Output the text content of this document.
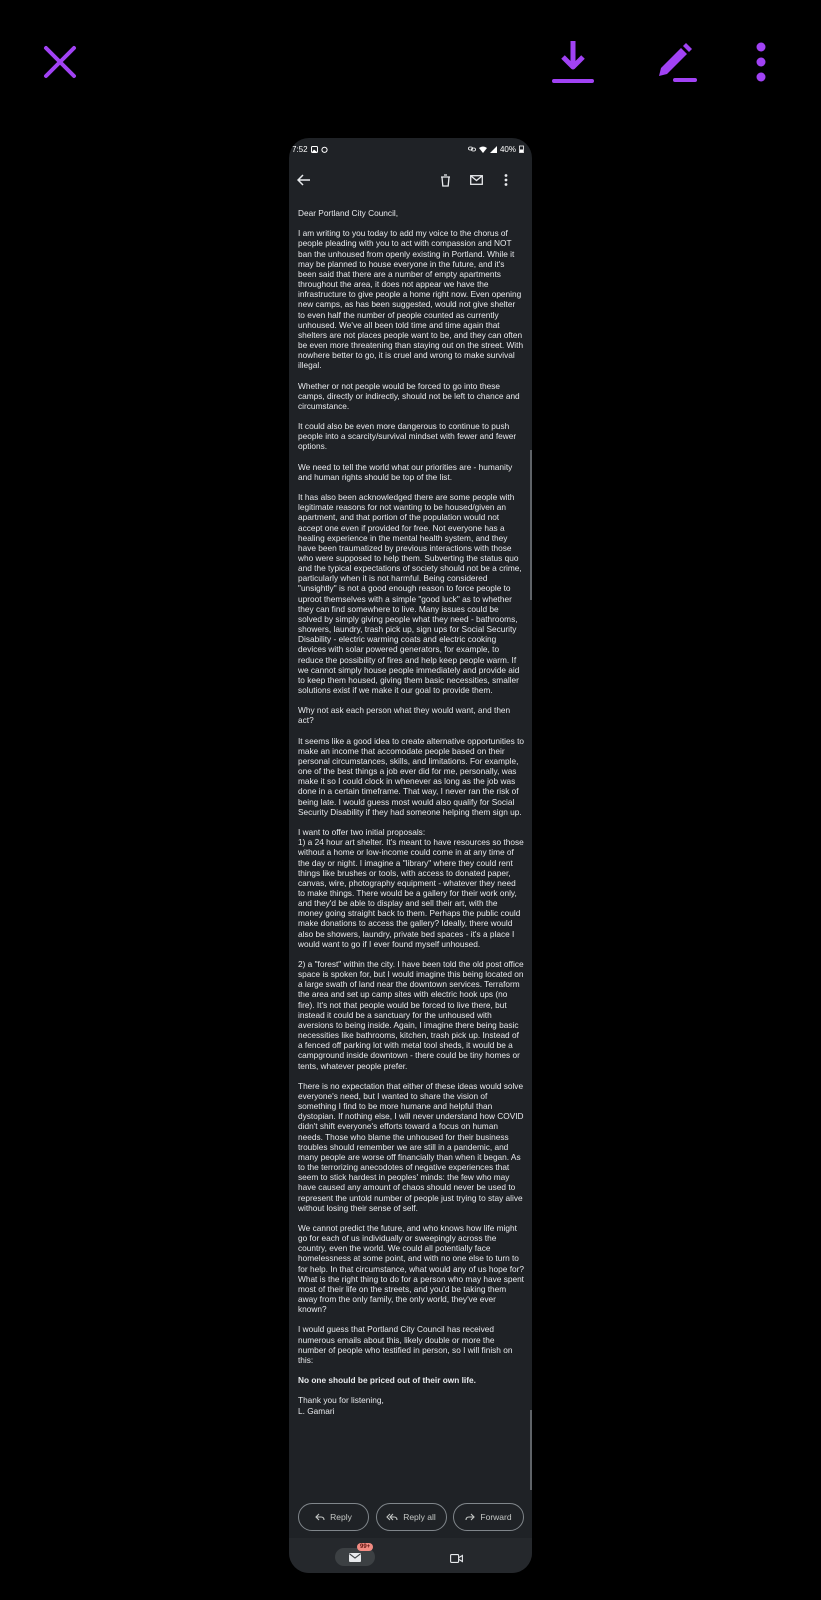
7:52	40%

Dear Portland City Council,

I am writing to you today to add my voice to the chorus of people pleading with you to act with compassion and NOT ban the unhoused from openly existing in Portland. While it may be planned to house everyone in the future, and it's been said that there are a number of empty apartments throughout the area, it does not appear we have the infrastructure to give people a home right now. Even opening new camps, as has been suggested, would not give shelter to even half the number of people counted as currently unhoused. We've all been told time and time again that shelters are not places people want to be, and they can often be even more threatening than staying out on the street. With nowhere better to go, it is cruel and wrong to make survival illegal.

Whether or not people would be forced to go into these camps, directly or indirectly, should not be left to chance and circumstance.

It could also be even more dangerous to continue to push people into a scarcity/survival mindset with fewer and fewer options.

We need to tell the world what our priorities are - humanity and human rights should be top of the list.

It has also been acknowledged there are some people with legitimate reasons for not wanting to be housed/given an apartment, and that portion of the population would not accept one even if provided for free. Not everyone has a healing experience in the mental health system, and they have been traumatized by previous interactions with those who were supposed to help them. Subverting the status quo and the typical expectations of society should not be a crime, particularly when it is not harmful. Being considered "unsightly" is not a good enough reason to force people to uproot themselves with a simple "good luck" as to whether they can find somewhere to live. Many issues could be solved by simply giving people what they need - bathrooms, showers, laundry, trash pick up, sign ups for Social Security Disability - electric warming coats and electric cooking devices with solar powered generators, for example, to reduce the possibility of fires and help keep people warm. If we cannot simply house people immediately and provide aid to keep them housed, giving them basic necessities, smaller solutions exist if we make it our goal to provide them.

Why not ask each person what they would want, and then act?

It seems like a good idea to create alternative opportunities to make an income that accomodate people based on their personal circumstances, skills, and limitations. For example, one of the best things a job ever did for me, personally, was make it so I could clock in whenever as long as the job was done in a certain timeframe. That way, I never ran the risk of being late. I would guess most would also qualify for Social Security Disability if they had someone helping them sign up.

I want to offer two initial proposals:
1) a 24 hour art shelter. It's meant to have resources so those without a home or low-income could come in at any time of the day or night. I imagine a "library" where they could rent things like brushes or tools, with access to donated paper, canvas, wire, photography equipment - whatever they need to make things. There would be a gallery for their work only, and they'd be able to display and sell their art, with the money going straight back to them. Perhaps the public could make donations to access the gallery? Ideally, there would also be showers, laundry, private bed spaces - it's a place I would want to go if I ever found myself unhoused.

2) a "forest" within the city. I have been told the old post office space is spoken for, but I would imagine this being located on a large swath of land near the downtown services. Terraform the area and set up camp sites with electric hook ups (no fire). It's not that people would be forced to live there, but instead it could be a sanctuary for the unhoused with aversions to being inside. Again, I imagine there being basic necessities like bathrooms, kitchen, trash pick up. Instead of a fenced off parking lot with metal tool sheds, it would be a campground inside downtown - there could be tiny homes or tents, whatever people prefer.

There is no expectation that either of these ideas would solve everyone's need, but I wanted to share the vision of something I find to be more humane and helpful than dystopian. If nothing else, I will never understand how COVID didn't shift everyone's efforts toward a focus on human needs. Those who blame the unhoused for their business troubles should remember we are still in a pandemic, and many people are worse off financially than when it began. As to the terrorizing anecodotes of negative experiences that seem to stick hardest in peoples' minds: the few who may have caused any amount of chaos should never be used to represent the untold number of people just trying to stay alive without losing their sense of self.

We cannot predict the future, and who knows how life might go for each of us individually or sweepingly across the country, even the world. We could all potentially face homelessness at some point, and with no one else to turn to for help. In that circumstance, what would any of us hope for? What is the right thing to do for a person who may have spent most of their life on the streets, and you'd be taking them away from the only family, the only world, they've ever known?

I would guess that Portland City Council has received numerous emails about this, likely double or more the number of people who testified in person, so I will finish on this:

No one should be priced out of their own life.

Thank you for listening,
L. Gamari

Reply	Reply all	Forward
99+
